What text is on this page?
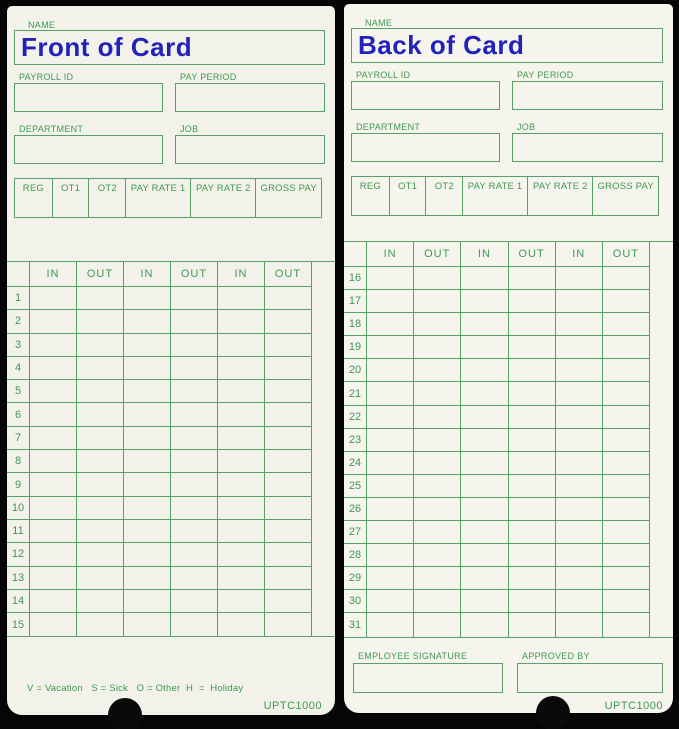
NAME
Front of Card
PAYROLL ID	PAY PERIOD
DEPARTMENT	JOB
REG	OT1	OT2	PAY RATE 1	PAY RATE 2	GROSS PAY
IN	OUT	IN	OUT	IN	OUT
1
2
3
4
5
6
7
8
9
10
11
12
13
14
15
V = Vacation   S = Sick   O = Other  H  =  Holiday
UPTC1000
NAME
Back of Card
PAYROLL ID	PAY PERIOD
DEPARTMENT	JOB
REG	OT1	OT2	PAY RATE 1	PAY RATE 2	GROSS PAY
IN	OUT	IN	OUT	IN	OUT
16
17
18
19
20
21
22
23
24
25
26
27
28
29
30
31
EMPLOYEE SIGNATURE	APPROVED BY
UPTC1000
